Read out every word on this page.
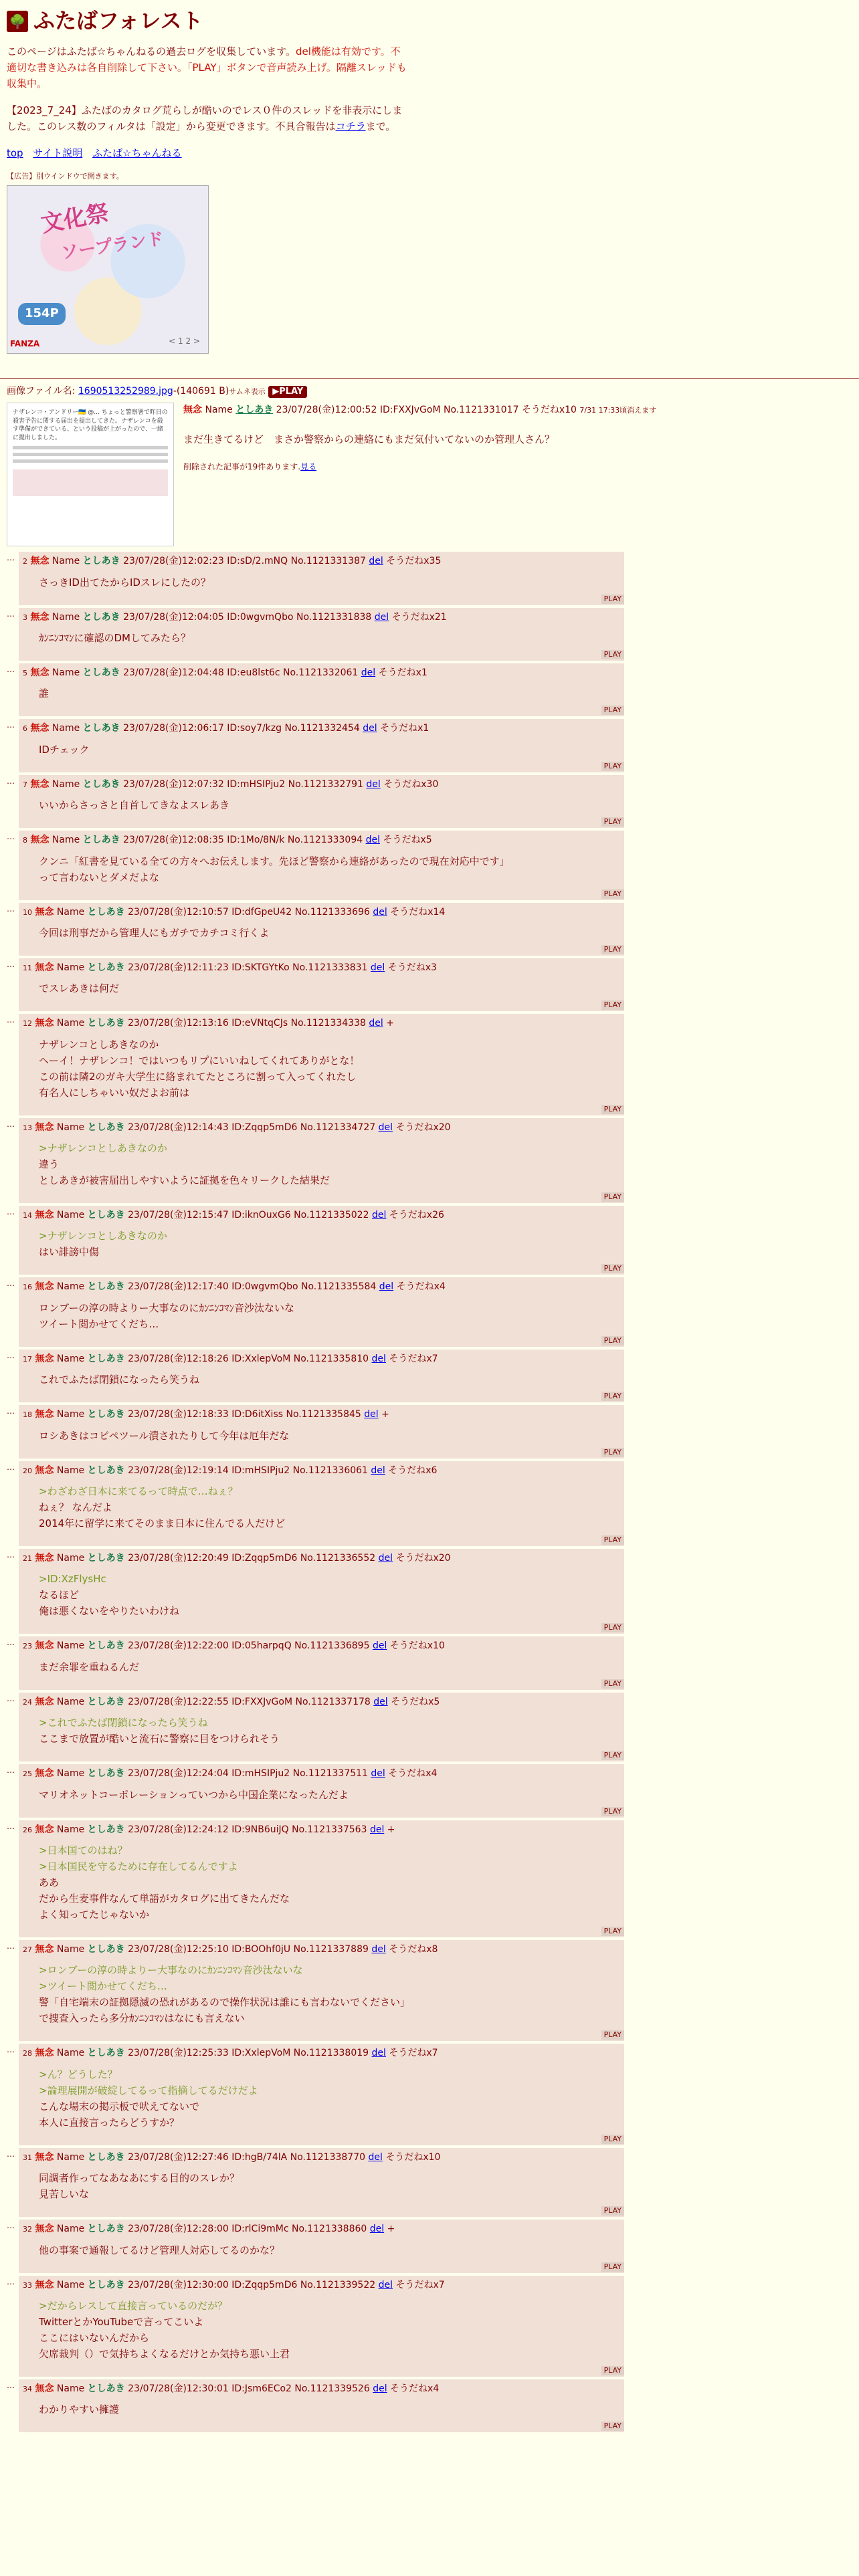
🌳 ふたばフォレスト

このページはふたば☆ちゃんねるの過去ログを収集しています。del機能は有効です。不適切な書き込みは各自削除して下さい。「PLAY」ボタンで音声読み上げ。隔離スレッドも収集中。

【2023_7_24】ふたばのカタログ荒らしが酷いのでレス０件のスレッドを非表示にしました。このレス数のフィルタは「設定」から変更できます。不具合報告はコチラまで。

top サイト説明 ふたば☆ちゃんねる
【広告】別ウインドウで開きます。
文化祭
ソープランド
154P
FANZA	< 1 2 >
画像ファイル名: 1690513252989.jpg-(140691 B)サムネ表示 ▶PLAY
ナザレンコ・アンドリー🇺🇦 @... ちょっと警察署で昨日の殺害予告に関する届出を提出してきた。ナザレンコを殺す準備ができている、という投稿が上がったので、一緒に提出しました。
無念 Name としあき 23/07/28(金)12:00:52 ID:FXXJvGoM No.1121331017 そうだねx10 7/31 17:33頃消えます
まだ生きてるけど　まさか警察からの連絡にもまだ気付いてないのか管理人さん？
削除された記事が19件あります.見る
…	2 無念 Name としあき 23/07/28(金)12:02:23 ID:sD/2.mNQ No.1121331387 del そうだねx35
さっきID出てたからIDスレにしたの？
PLAY
…	3 無念 Name としあき 23/07/28(金)12:04:05 ID:0wgvmQbo No.1121331838 del そうだねx21
ｶﾝﾆﾝｺﾏﾝに確認のDMしてみたら？
PLAY
…	5 無念 Name としあき 23/07/28(金)12:04:48 ID:eu8lst6c No.1121332061 del そうだねx1
誰
PLAY
…	6 無念 Name としあき 23/07/28(金)12:06:17 ID:soy7/kzg No.1121332454 del そうだねx1
IDチェック
PLAY
…	7 無念 Name としあき 23/07/28(金)12:07:32 ID:mHSIPju2 No.1121332791 del そうだねx30
いいからさっさと自首してきなよスレあき
PLAY
…	8 無念 Name としあき 23/07/28(金)12:08:35 ID:1Mo/8N/k No.1121333094 del そうだねx5
クンニ「紅書を見ている全ての方々へお伝えします。先ほど警察から連絡があったので現在対応中です」
って言わないとダメだよな
PLAY
…	10 無念 Name としあき 23/07/28(金)12:10:57 ID:dfGpeU42 No.1121333696 del そうだねx14
今回は刑事だから管理人にもガチでカチコミ行くよ
PLAY
…	11 無念 Name としあき 23/07/28(金)12:11:23 ID:SKTGYtKo No.1121333831 del そうだねx3
でスレあきは何だ
PLAY
…	12 無念 Name としあき 23/07/28(金)12:13:16 ID:eVNtqCJs No.1121334338 del +
ナザレンコとしあきなのか
ヘーイ！ナザレンコ！ではいつもリプにいいねしてくれてありがとな！
この前は隣2のガキ大学生に絡まれてたところに割って入ってくれたし
有名人にしちゃいい奴だよお前は
PLAY
…	13 無念 Name としあき 23/07/28(金)12:14:43 ID:Zqqp5mD6 No.1121334727 del そうだねx20
>ナザレンコとしあきなのか
違う
としあきが被害届出しやすいように証拠を色々リークした結果だ
PLAY
…	14 無念 Name としあき 23/07/28(金)12:15:47 ID:iknOuxG6 No.1121335022 del そうだねx26
>ナザレンコとしあきなのか
はい誹謗中傷
PLAY
…	16 無念 Name としあき 23/07/28(金)12:17:40 ID:0wgvmQbo No.1121335584 del そうだねx4
ロンブーの淳の時よりー大事なのにｶﾝﾆﾝｺﾏﾝ音沙汰ないな
ツイート閲かせてくだち…
PLAY
…	17 無念 Name としあき 23/07/28(金)12:18:26 ID:XxlepVoM No.1121335810 del そうだねx7
これでふたば閉鎖になったら笑うね
PLAY
…	18 無念 Name としあき 23/07/28(金)12:18:33 ID:D6itXiss No.1121335845 del +
ロシあきはコピペツール潰されたりして今年は厄年だな
PLAY
…	20 無念 Name としあき 23/07/28(金)12:19:14 ID:mHSIPju2 No.1121336061 del そうだねx6
>わざわざ日本に来てるって時点で…ねぇ？
ねぇ？ なんだよ
2014年に留学に来てそのまま日本に住んでる人だけど
PLAY
…	21 無念 Name としあき 23/07/28(金)12:20:49 ID:Zqqp5mD6 No.1121336552 del そうだねx20
>ID:XzFlysHc
なるほど
俺は悪くないをやりたいわけね
PLAY
…	23 無念 Name としあき 23/07/28(金)12:22:00 ID:05harpqQ No.1121336895 del そうだねx10
まだ余罪を重ねるんだ
PLAY
…	24 無念 Name としあき 23/07/28(金)12:22:55 ID:FXXJvGoM No.1121337178 del そうだねx5
>これでふたば閉鎖になったら笑うね
ここまで放置が酷いと流石に警察に目をつけられそう
PLAY
…	25 無念 Name としあき 23/07/28(金)12:24:04 ID:mHSIPju2 No.1121337511 del そうだねx4
マリオネットコーポレーションっていつから中国企業になったんだよ
PLAY
…	26 無念 Name としあき 23/07/28(金)12:24:12 ID:9NB6uiJQ No.1121337563 del +
>日本国てのはね？
>日本国民を守るために存在してるんですよ
ああ
だから生麦事件なんて単語がカタログに出てきたんだな
よく知ってたじゃないか
PLAY
…	27 無念 Name としあき 23/07/28(金)12:25:10 ID:BOOhf0jU No.1121337889 del そうだねx8
>ロンブーの淳の時よりー大事なのにｶﾝﾆﾝｺﾏﾝ音沙汰ないな
>ツイート閲かせてくだち…
警「自宅端末の証拠隠滅の恐れがあるので操作状況は誰にも言わないでください」
で捜査入ったら多分ｶﾝﾆﾝｺﾏﾝはなにも言えない
PLAY
…	28 無念 Name としあき 23/07/28(金)12:25:33 ID:XxlepVoM No.1121338019 del そうだねx7
>ん？どうした？
>論理展開が破綻してるって指摘してるだけだよ
こんな場末の掲示板で吠えてないで
本人に直接言ったらどうすか？
PLAY
…	31 無念 Name としあき 23/07/28(金)12:27:46 ID:hgB/74lA No.1121338770 del そうだねx10
同調者作ってなあなあにする目的のスレか？
見苦しいな
PLAY
…	32 無念 Name としあき 23/07/28(金)12:28:00 ID:rlCi9mMc No.1121338860 del +
他の事案で通報してるけど管理人対応してるのかな？
PLAY
…	33 無念 Name としあき 23/07/28(金)12:30:00 ID:Zqqp5mD6 No.1121339522 del そうだねx7
>だからレスして直接言っているのだが？
TwitterとかYouTubeで言ってこいよ
ここにはいないんだから
欠席裁判（）で気持ちよくなるだけとか気持ち悪い上君
PLAY
…	34 無念 Name としあき 23/07/28(金)12:30:01 ID:Jsm6ECo2 No.1121339526 del そうだねx4
わかりやすい擁護
PLAY
